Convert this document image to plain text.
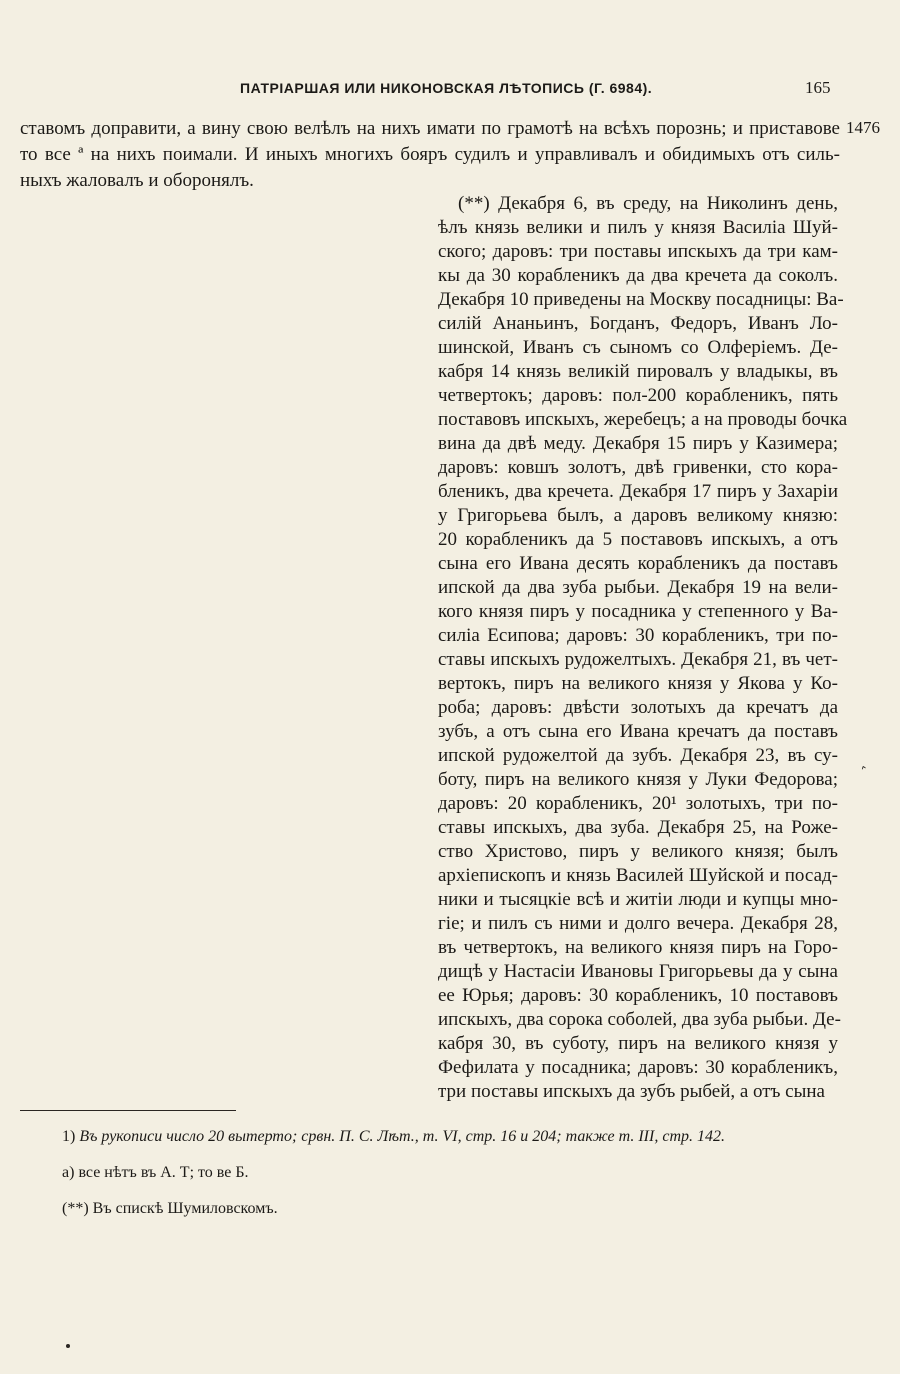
ПАТРІАРШАЯ ИЛИ НИКОНОВСКАЯ ЛѢТОПИСЬ (Г. 6984).	165
1476
ставомъ доправити, а вину свою велѣлъ на нихъ имати по грамотѣ на всѣхъ порознь; и приставове
то все ª на нихъ поимали. И иныхъ многихъ бояръ судилъ и управливалъ и обидимыхъ отъ силь-
ныхъ жаловалъ и оборонялъ.
(**) Декабря 6, въ среду, на Николинъ день,
ѣлъ князь велики и пилъ у князя Василіа Шуй-
ского; даровъ: три поставы ипскыхъ да три кам-
кы да 30 корабленикъ да два кречета да соколъ.
Декабря 10 приведены на Москву посадницы: Ва-
силій Ананьинъ, Богданъ, Федоръ, Иванъ Ло-
шинской, Иванъ съ сыномъ со Олферіемъ. Де-
кабря 14 князь великій пировалъ у владыкы, въ
четвертокъ; даровъ: пол-200 корабленикъ, пять
поставовъ ипскыхъ, жеребецъ; а на проводы бочка
вина да двѣ меду. Декабря 15 пиръ у Казимера;
даровъ: ковшъ золотъ, двѣ гривенки, сто кора-
бленикъ, два кречета. Декабря 17 пиръ у Захаріи
у Григорьева былъ, а даровъ великому князю:
20 корабленикъ да 5 поставовъ ипскыхъ, а отъ
сына его Ивана десять корабленикъ да поставъ
ипской да два зуба рыбьи. Декабря 19 на вели-
кого князя пиръ у посадника у степенного у Ва-
силіа Есипова; даровъ: 30 корабленикъ, три по-
ставы ипскыхъ рудожелтыхъ. Декабря 21, въ чет-
вертокъ, пиръ на великого князя у Якова у Ко-
роба; даровъ: двѣсти золотыхъ да кречатъ да
зубъ, а отъ сына его Ивана кречатъ да поставъ
ипской рудожелтой да зубъ. Декабря 23, въ су-
боту, пиръ на великого князя у Луки Федорова;
даровъ: 20 корабленикъ, 20¹ золотыхъ, три по-
ставы ипскыхъ, два зуба. Декабря 25, на Роже-
ство Христово, пиръ у великого князя; былъ
архіепископъ и князь Василей Шуйской и посад-
ники и тысяцкіе всѣ и житіи люди и купцы мно-
гіе; и пилъ съ ними и долго вечера. Декабря 28,
въ четвертокъ, на великого князя пиръ на Горо-
дищѣ у Настасіи Ивановы Григорьевы да у сына
ее Юрья; даровъ: 30 корабленикъ, 10 поставовъ
ипскыхъ, два сорока соболей, два зуба рыбьи. Де-
кабря 30, въ суботу, пиръ на великого князя у
Фефилата у посадника; даровъ: 30 корабленикъ,
три поставы ипскыхъ да зубъ рыбей, а отъ сына
ˆ
1) Въ рукописи число 20 вытерто; срвн. П. С. Лѣт., т. VI, стр. 16 и 204; также т. III, стр. 142.
а) все нѣтъ въ А. Т; то ве Б.
(**) Въ спискѣ Шумиловскомъ.
